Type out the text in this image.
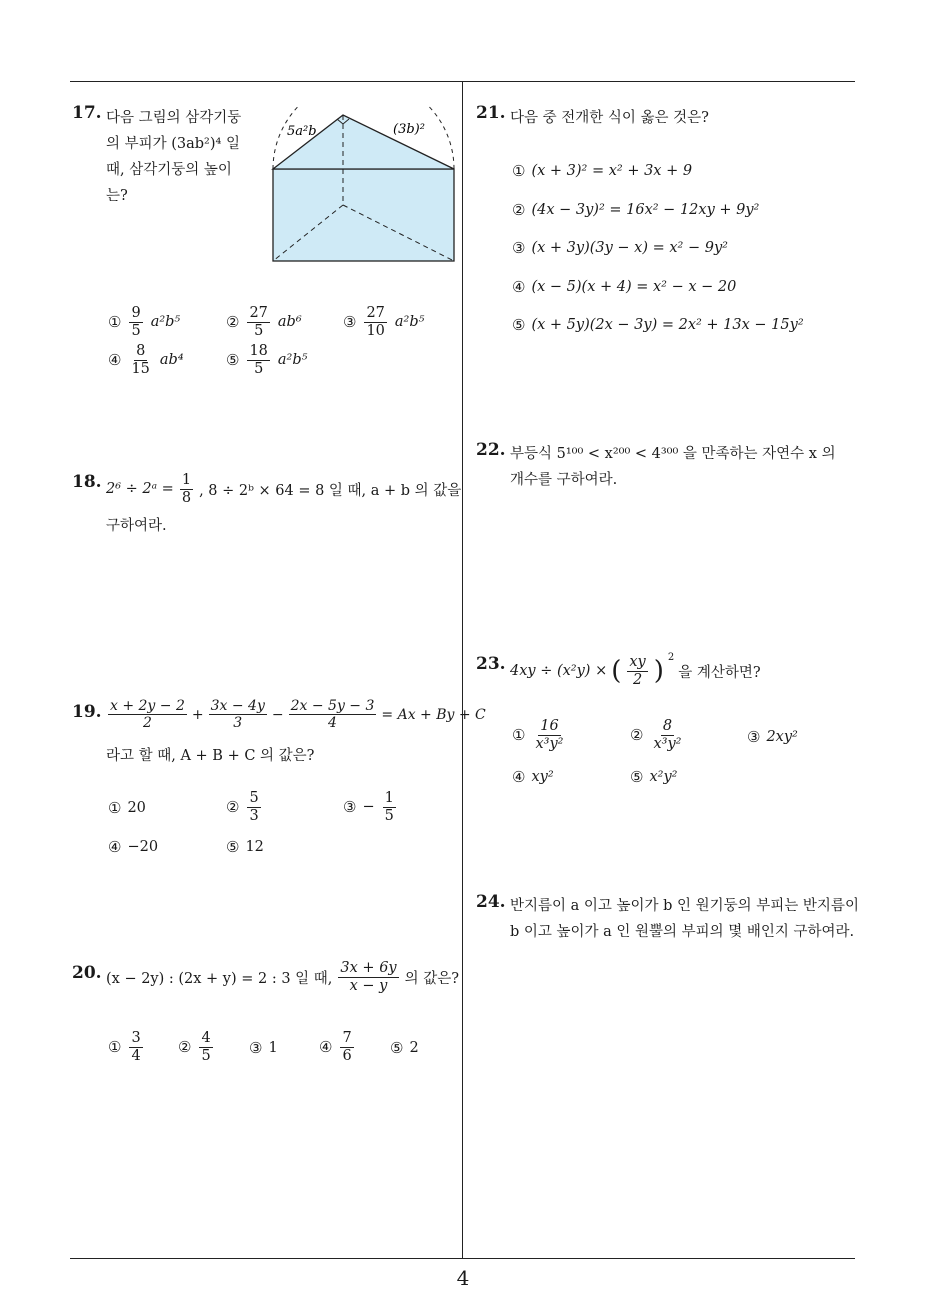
17. 다음 그림의 삼각기둥
의 부피가 (3ab²)⁴ 일
때, 삼각기둥의 높이
는?
5a²b	(3b)²
① $\frac{9}{5} a^2b^5$	② $\frac{27}{5} ab^6$	③ $\frac{27}{10} a^2b^5$
④ $\frac{8}{15} ab^4$	⑤ $\frac{18}{5} a^2b^5$
18. 2⁶ ÷ 2ᵃ = $\frac{1}{8}$ , 8 ÷ 2ᵇ × 64 = 8 일 때, a + b 의 값을
구하여라.
19. $\frac{x + 2y - 2}{2} + \frac{3x - 4y}{3} - \frac{2x - 5y - 3}{4} = Ax + By + C$
라고 할 때, A + B + C 의 값은?
① 20	② $\frac{5}{3}$	③ − $\frac{1}{5}$
④ −20	⑤ 12
20. (x − 2y) : (2x + y) = 2 : 3 일 때, $\frac{3x + 6y}{x - y}$ 의 값은?
① $\frac{3}{4}$ ② $\frac{4}{5}$ ③ 1	④ $\frac{7}{6}$ ⑤ 2
21. 다음 중 전개한 식이 옳은 것은?
① (x + 3)² = x² + 3x + 9
② (4x − 3y)² = 16x² − 12xy + 9y²
③ (x + 3y)(3y − x) = x² − 9y²
④ (x − 5)(x + 4) = x² − x − 20
⑤ (x + 5y)(2x − 3y) = 2x² + 13x − 15y²
22. 부등식 5¹⁰⁰ < x²⁰⁰ < 4³⁰⁰ 을 만족하는 자연수 x 의
개수를 구하여라.
23. 4xy ÷ (x²y) × ( $\frac{xy}{2}$ ) 2
을 계산하면?
① $\frac{16}{\text{x³y²}}$	② $\frac{8}{\text{x³y²}}$	③ 2xy²
④ xy²	⑤ x²y²
24. 반지름이 a 이고 높이가 b 인 원기둥의 부피는 반지름이
b 이고 높이가 a 인 원뿔의 부피의 몇 배인지 구하여라.
4
